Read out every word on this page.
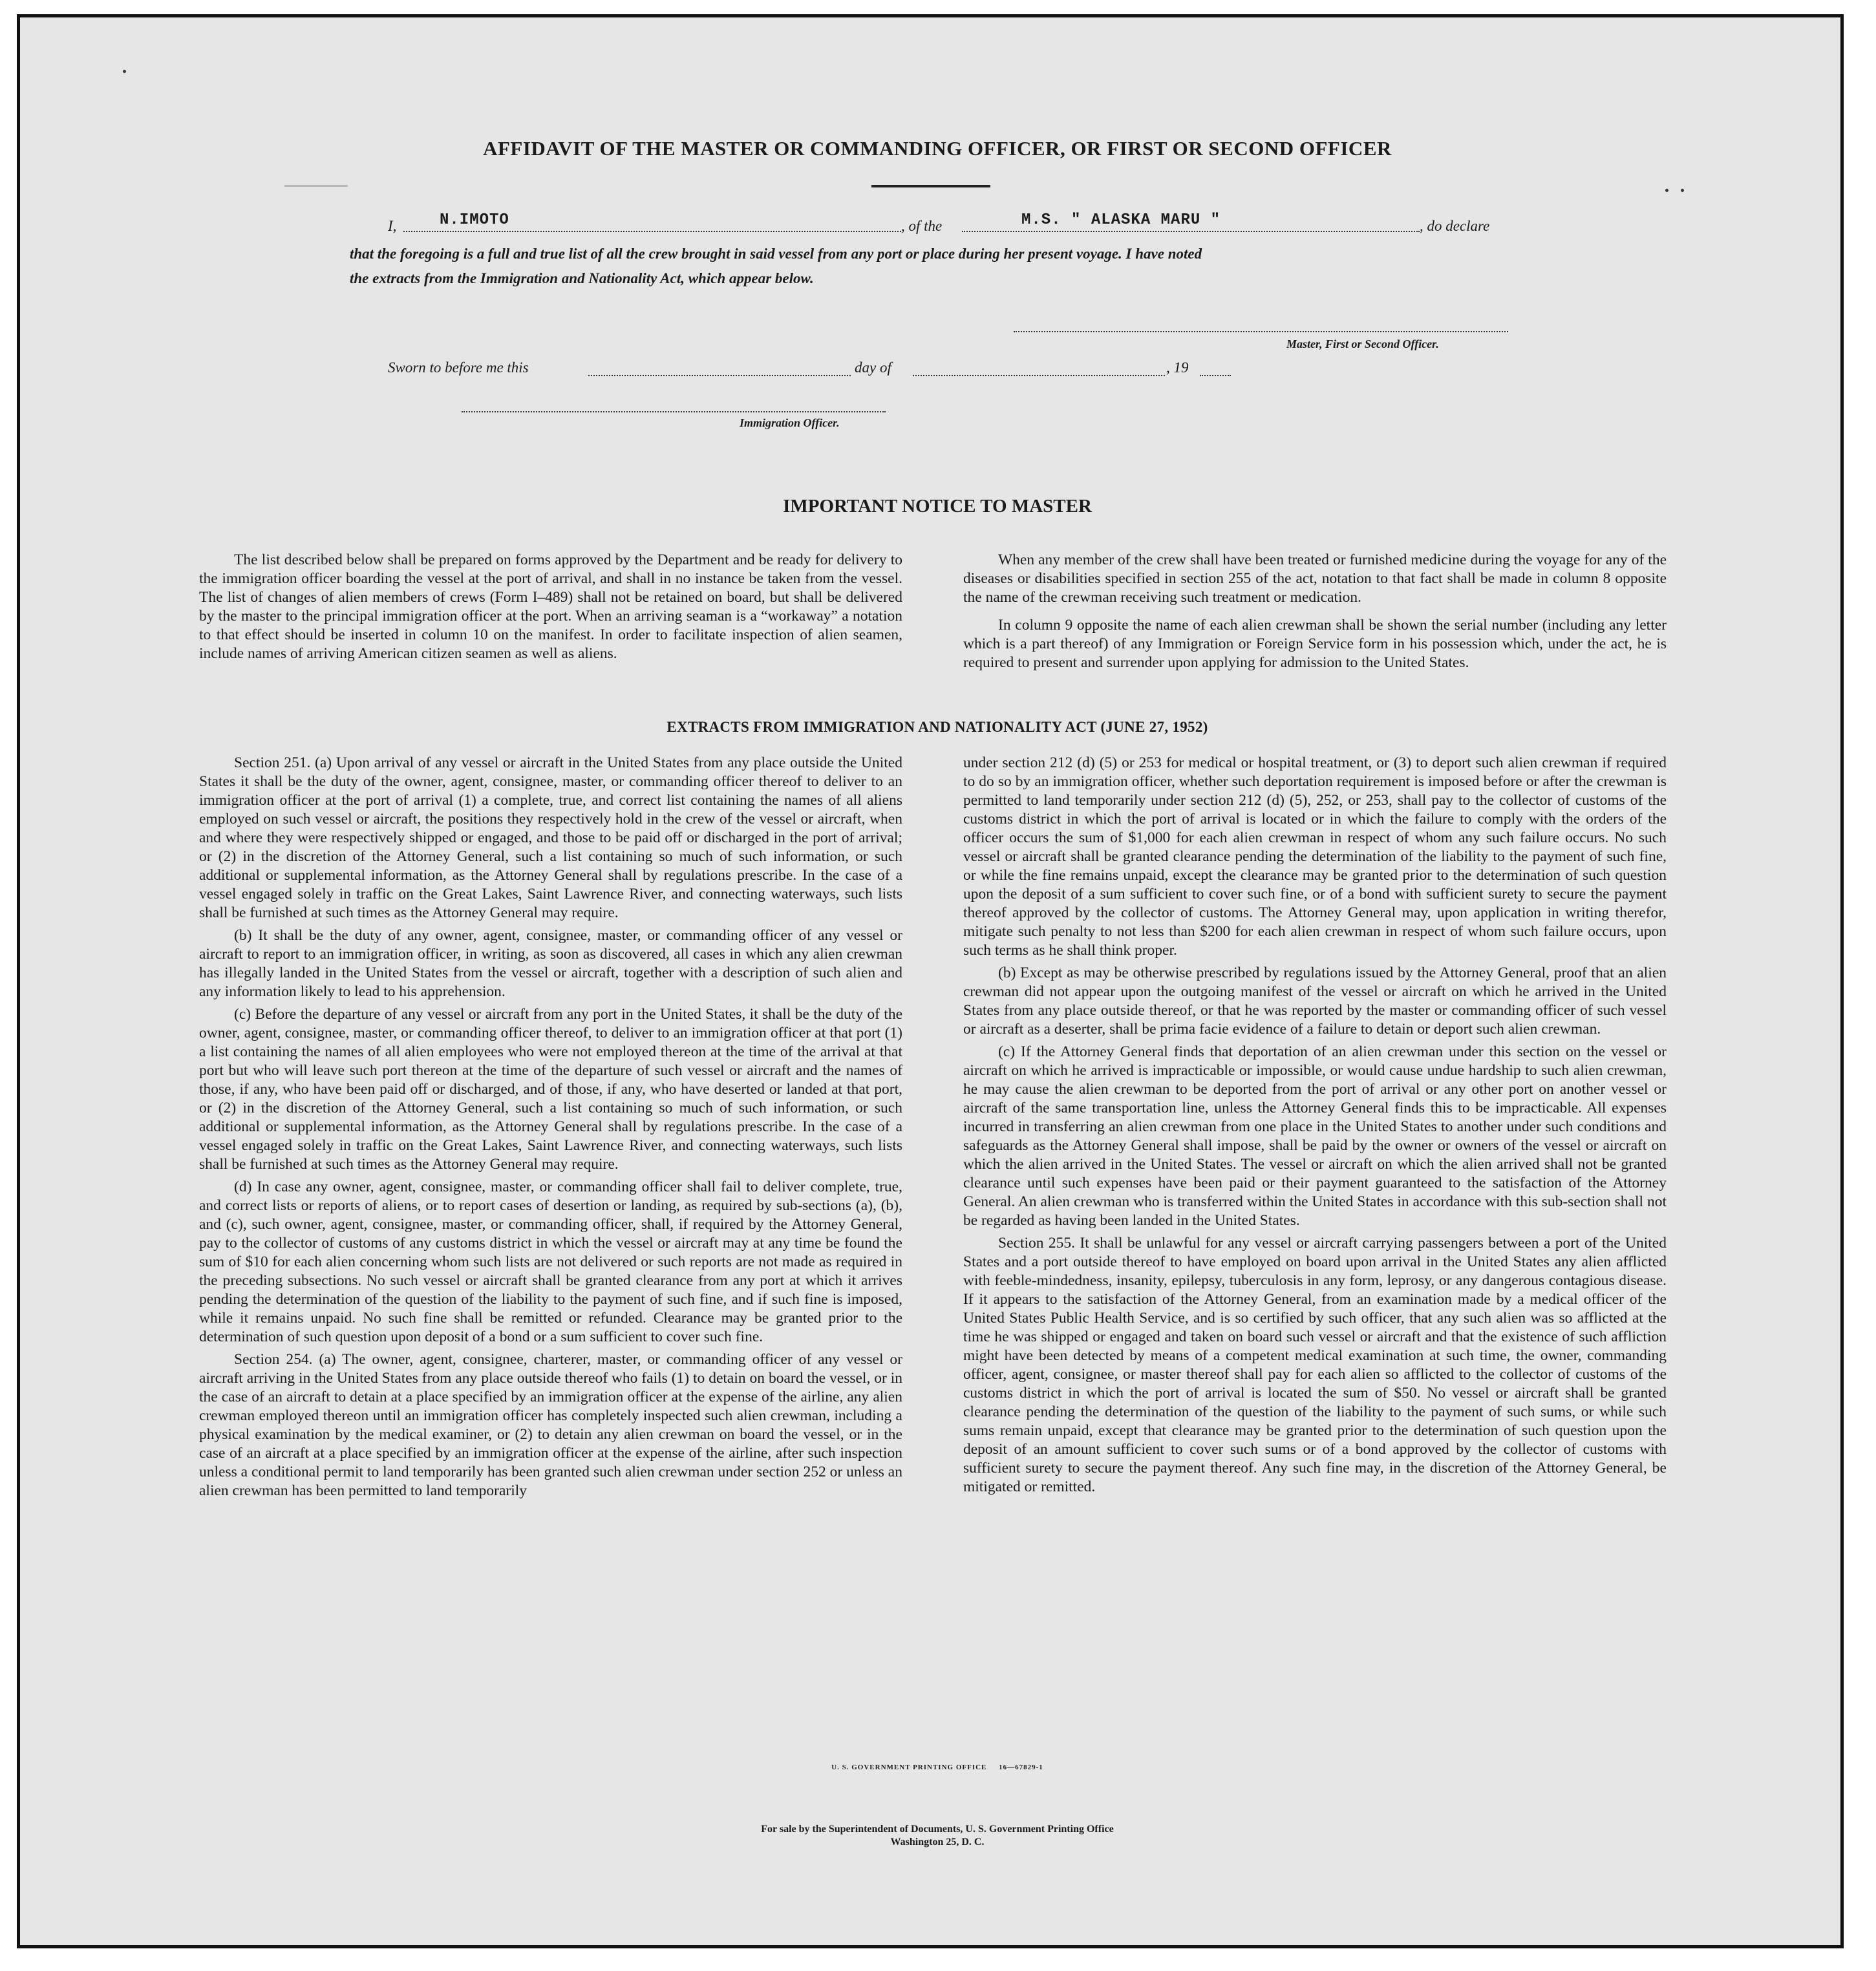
AFFIDAVIT OF THE MASTER OR COMMANDING OFFICER, OR FIRST OR SECOND OFFICER
I,	N.IMOTO	, of the	M.S. " ALASKA MARU "	, do declare
that the foregoing is a full and true list of all the crew brought in said vessel from any port or place during her present voyage. I have noted
the extracts from the Immigration and Nationality Act, which appear below.
Master, First or Second Officer.
Sworn to before me this	day of	, 19
Immigration Officer.
IMPORTANT NOTICE TO MASTER

The list described below shall be prepared on forms approved by the Department and be ready for delivery to the immigration officer boarding the vessel at the port of arrival, and shall in no instance be taken from the vessel. The list of changes of alien members of crews (Form I–489) shall not be retained on board, but shall be delivered by the master to the principal immigration officer at the port. When an arriving seaman is a “workaway” a notation to that effect should be inserted in column 10 on the manifest. In order to facilitate inspection of alien seamen, include names of arriving American citizen seamen as well as aliens.

When any member of the crew shall have been treated or furnished medicine during the voyage for any of the diseases or disabilities specified in section 255 of the act, notation to that fact shall be made in column 8 opposite the name of the crewman receiving such treatment or medication.

In column 9 opposite the name of each alien crewman shall be shown the serial number (including any letter which is a part thereof) of any Immigration or Foreign Service form in his possession which, under the act, he is required to present and surrender upon applying for admission to the United States.

EXTRACTS FROM IMMIGRATION AND NATIONALITY ACT (JUNE 27, 1952)

Section 251. (a) Upon arrival of any vessel or aircraft in the United States from any place outside the United States it shall be the duty of the owner, agent, consignee, master, or commanding officer thereof to deliver to an immigration officer at the port of arrival (1) a complete, true, and correct list containing the names of all aliens employed on such vessel or aircraft, the positions they respectively hold in the crew of the vessel or aircraft, when and where they were respectively shipped or engaged, and those to be paid off or discharged in the port of arrival; or (2) in the discretion of the Attorney General, such a list containing so much of such information, or such additional or supplemental information, as the Attorney General shall by regulations prescribe. In the case of a vessel engaged solely in traffic on the Great Lakes, Saint Lawrence River, and connecting waterways, such lists shall be furnished at such times as the Attorney General may require.

(b) It shall be the duty of any owner, agent, consignee, master, or commanding officer of any vessel or aircraft to report to an immigration officer, in writing, as soon as discovered, all cases in which any alien crewman has illegally landed in the United States from the vessel or aircraft, together with a description of such alien and any information likely to lead to his apprehension.

(c) Before the departure of any vessel or aircraft from any port in the United States, it shall be the duty of the owner, agent, consignee, master, or commanding officer thereof, to deliver to an immigration officer at that port (1) a list containing the names of all alien employees who were not employed thereon at the time of the arrival at that port but who will leave such port thereon at the time of the departure of such vessel or aircraft and the names of those, if any, who have been paid off or discharged, and of those, if any, who have deserted or landed at that port, or (2) in the discretion of the Attorney General, such a list containing so much of such information, or such additional or supplemental information, as the Attorney General shall by regulations prescribe. In the case of a vessel engaged solely in traffic on the Great Lakes, Saint Lawrence River, and connecting waterways, such lists shall be furnished at such times as the Attorney General may require.

(d) In case any owner, agent, consignee, master, or commanding officer shall fail to deliver complete, true, and correct lists or reports of aliens, or to report cases of desertion or landing, as required by sub-sections (a), (b), and (c), such owner, agent, consignee, master, or commanding officer, shall, if required by the Attorney General, pay to the collector of customs of any customs district in which the vessel or aircraft may at any time be found the sum of $10 for each alien concerning whom such lists are not delivered or such reports are not made as required in the preceding subsections. No such vessel or aircraft shall be granted clearance from any port at which it arrives pending the determination of the question of the liability to the payment of such fine, and if such fine is imposed, while it remains unpaid. No such fine shall be remitted or refunded. Clearance may be granted prior to the determination of such question upon deposit of a bond or a sum sufficient to cover such fine.

Section 254. (a) The owner, agent, consignee, charterer, master, or commanding officer of any vessel or aircraft arriving in the United States from any place outside thereof who fails (1) to detain on board the vessel, or in the case of an aircraft to detain at a place specified by an immigration officer at the expense of the airline, any alien crewman employed thereon until an immigration officer has completely inspected such alien crewman, including a physical examination by the medical examiner, or (2) to detain any alien crewman on board the vessel, or in the case of an aircraft at a place specified by an immigration officer at the expense of the airline, after such inspection unless a conditional permit to land temporarily has been granted such alien crewman under section 252 or unless an alien crewman has been permitted to land temporarily

under section 212 (d) (5) or 253 for medical or hospital treatment, or (3) to deport such alien crewman if required to do so by an immigration officer, whether such deportation requirement is imposed before or after the crewman is permitted to land temporarily under section 212 (d) (5), 252, or 253, shall pay to the collector of customs of the customs district in which the port of arrival is located or in which the failure to comply with the orders of the officer occurs the sum of $1,000 for each alien crewman in respect of whom any such failure occurs. No such vessel or aircraft shall be granted clearance pending the determination of the liability to the payment of such fine, or while the fine remains unpaid, except the clearance may be granted prior to the determination of such question upon the deposit of a sum sufficient to cover such fine, or of a bond with sufficient surety to secure the payment thereof approved by the collector of customs. The Attorney General may, upon application in writing therefor, mitigate such penalty to not less than $200 for each alien crewman in respect of whom such failure occurs, upon such terms as he shall think proper.

(b) Except as may be otherwise prescribed by regulations issued by the Attorney General, proof that an alien crewman did not appear upon the outgoing manifest of the vessel or aircraft on which he arrived in the United States from any place outside thereof, or that he was reported by the master or commanding officer of such vessel or aircraft as a deserter, shall be prima facie evidence of a failure to detain or deport such alien crewman.

(c) If the Attorney General finds that deportation of an alien crewman under this section on the vessel or aircraft on which he arrived is impracticable or impossible, or would cause undue hardship to such alien crewman, he may cause the alien crewman to be deported from the port of arrival or any other port on another vessel or aircraft of the same transportation line, unless the Attorney General finds this to be impracticable. All expenses incurred in transferring an alien crewman from one place in the United States to another under such conditions and safeguards as the Attorney General shall impose, shall be paid by the owner or owners of the vessel or aircraft on which the alien arrived in the United States. The vessel or aircraft on which the alien arrived shall not be granted clearance until such expenses have been paid or their payment guaranteed to the satisfaction of the Attorney General. An alien crewman who is transferred within the United States in accordance with this sub-section shall not be regarded as having been landed in the United States.

Section 255. It shall be unlawful for any vessel or aircraft carrying passengers between a port of the United States and a port outside thereof to have employed on board upon arrival in the United States any alien afflicted with feeble-mindedness, insanity, epilepsy, tuberculosis in any form, leprosy, or any dangerous contagious disease. If it appears to the satisfaction of the Attorney General, from an examination made by a medical officer of the United States Public Health Service, and is so certified by such officer, that any such alien was so afflicted at the time he was shipped or engaged and taken on board such vessel or aircraft and that the existence of such affliction might have been detected by means of a competent medical examination at such time, the owner, commanding officer, agent, consignee, or master thereof shall pay for each alien so afflicted to the collector of customs of the customs district in which the port of arrival is located the sum of $50. No vessel or aircraft shall be granted clearance pending the determination of the question of the liability to the payment of such sums, or while such sums remain unpaid, except that clearance may be granted prior to the determination of such question upon the deposit of an amount sufficient to cover such sums or of a bond approved by the collector of customs with sufficient surety to secure the payment thereof. Any such fine may, in the discretion of the Attorney General, be mitigated or remitted.

U. S. GOVERNMENT PRINTING OFFICE     16—67829-1
For sale by the Superintendent of Documents, U. S. Government Printing Office
Washington 25, D. C.
